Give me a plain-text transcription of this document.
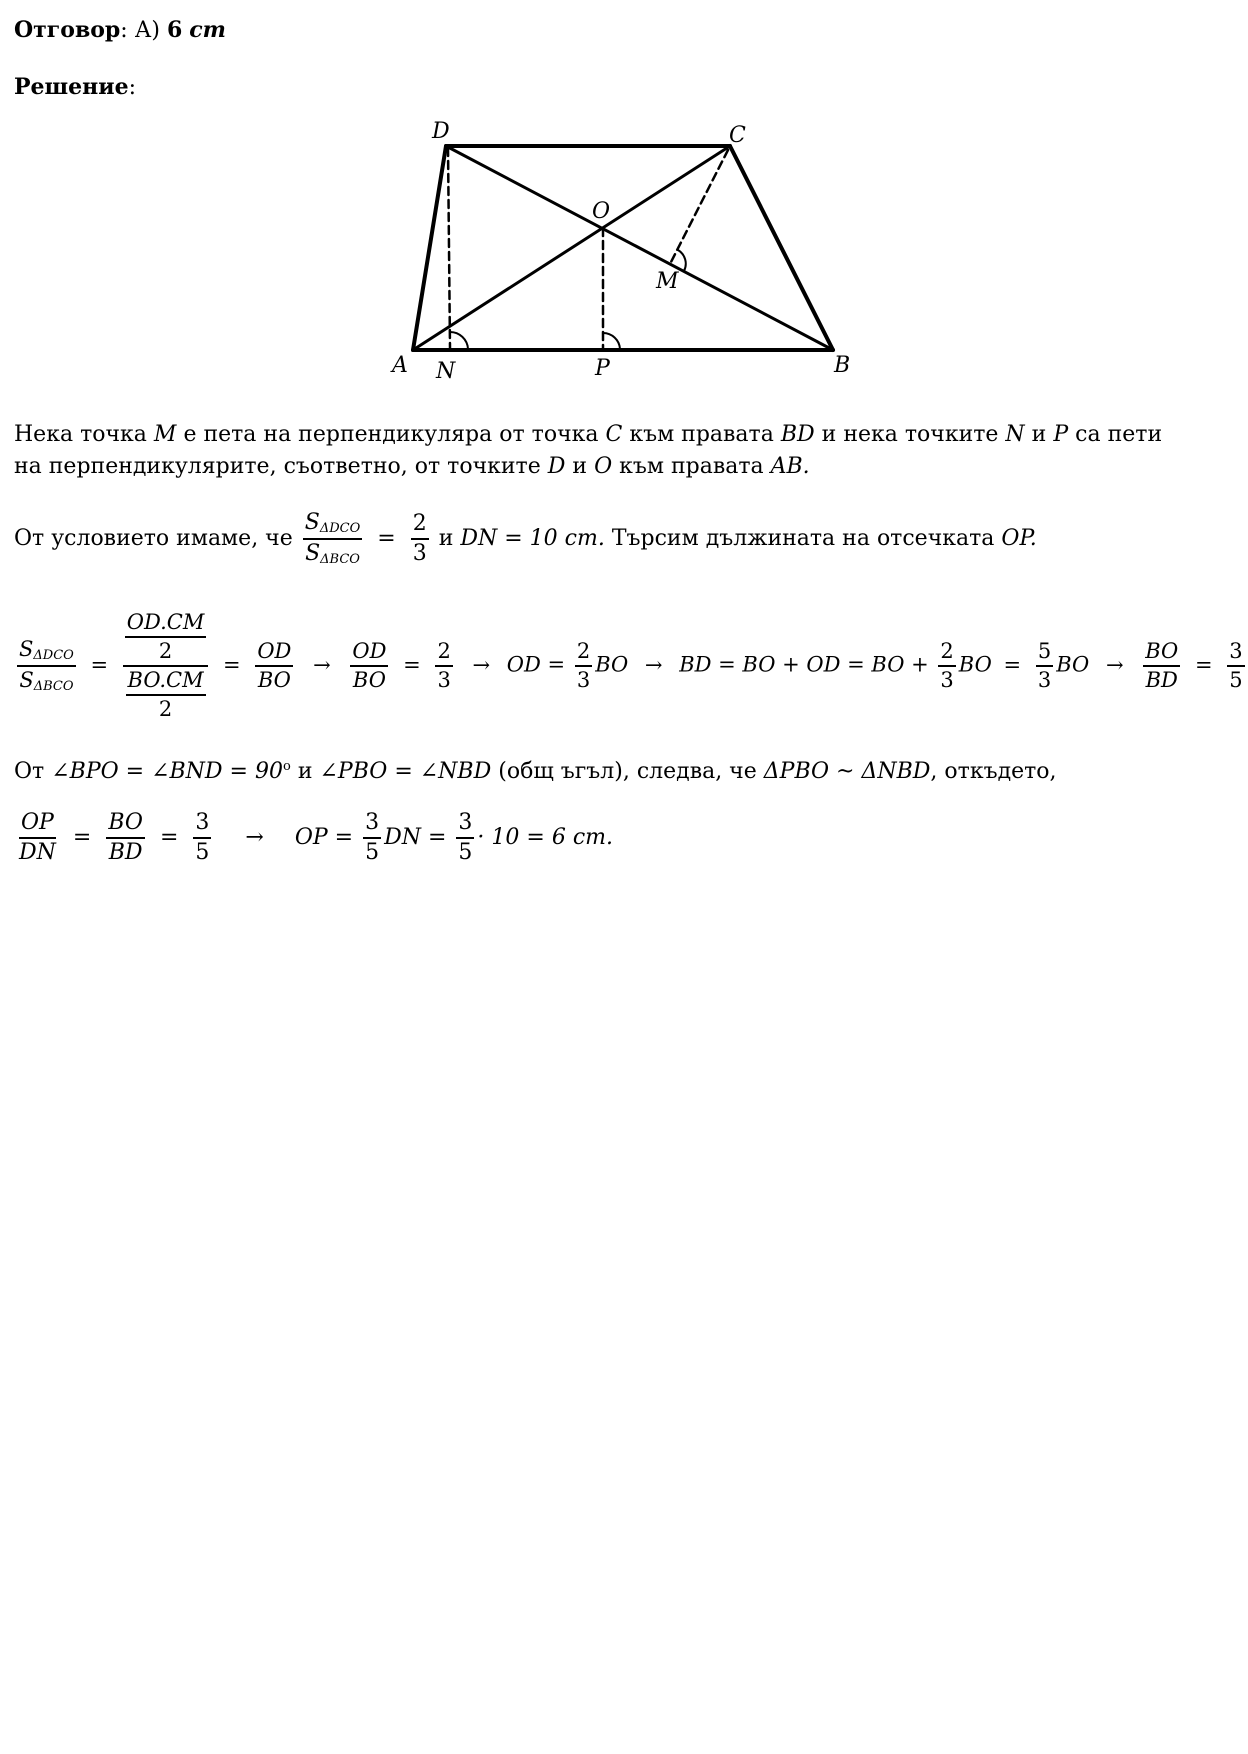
Отговор: А) 6 cm
Решение:
D	C
O
M
A N	P	B
Нека точка M е пета на перпендикуляра от точка C към правата BD и нека точките N и P са пети
на перпендикулярите, съответно, от точките D и O към правата AB.
От условието имаме, че $\frac{S_{\Delta DCO}}{S_{\Delta BCO}} = \frac{2}{3}$ и DN = 10 cm. Търсим дължината на отсечката OP.
$\frac{S_{\Delta DCO}}{S_{\Delta BCO}} = \frac{\frac{OD.CM}{2}}{\frac{BO.CM}{2}} = \frac{OD}{BO} \to \frac{OD}{BO} = \frac{2}{3}$ → OD = $\frac{2}{3}$ BO → BD = BO + OD = BO + $\frac{2}{3}$ BO = $\frac{5}{3}$ BO → $\frac{BO}{BD} = \frac{3}{5}$
От ∠BPO = ∠BND = $90^o$ и ∠PBO = ∠NBD (общ ъгъл), следва, че ΔPBO ~ ΔNBD, откъдето,
$\frac{OP}{DN} = \frac{BO}{BD} = \frac{3}{5}$ → OP = $\frac{3}{5}$ DN = $\frac{3}{5} \cdot 10 = 6$ cm.
